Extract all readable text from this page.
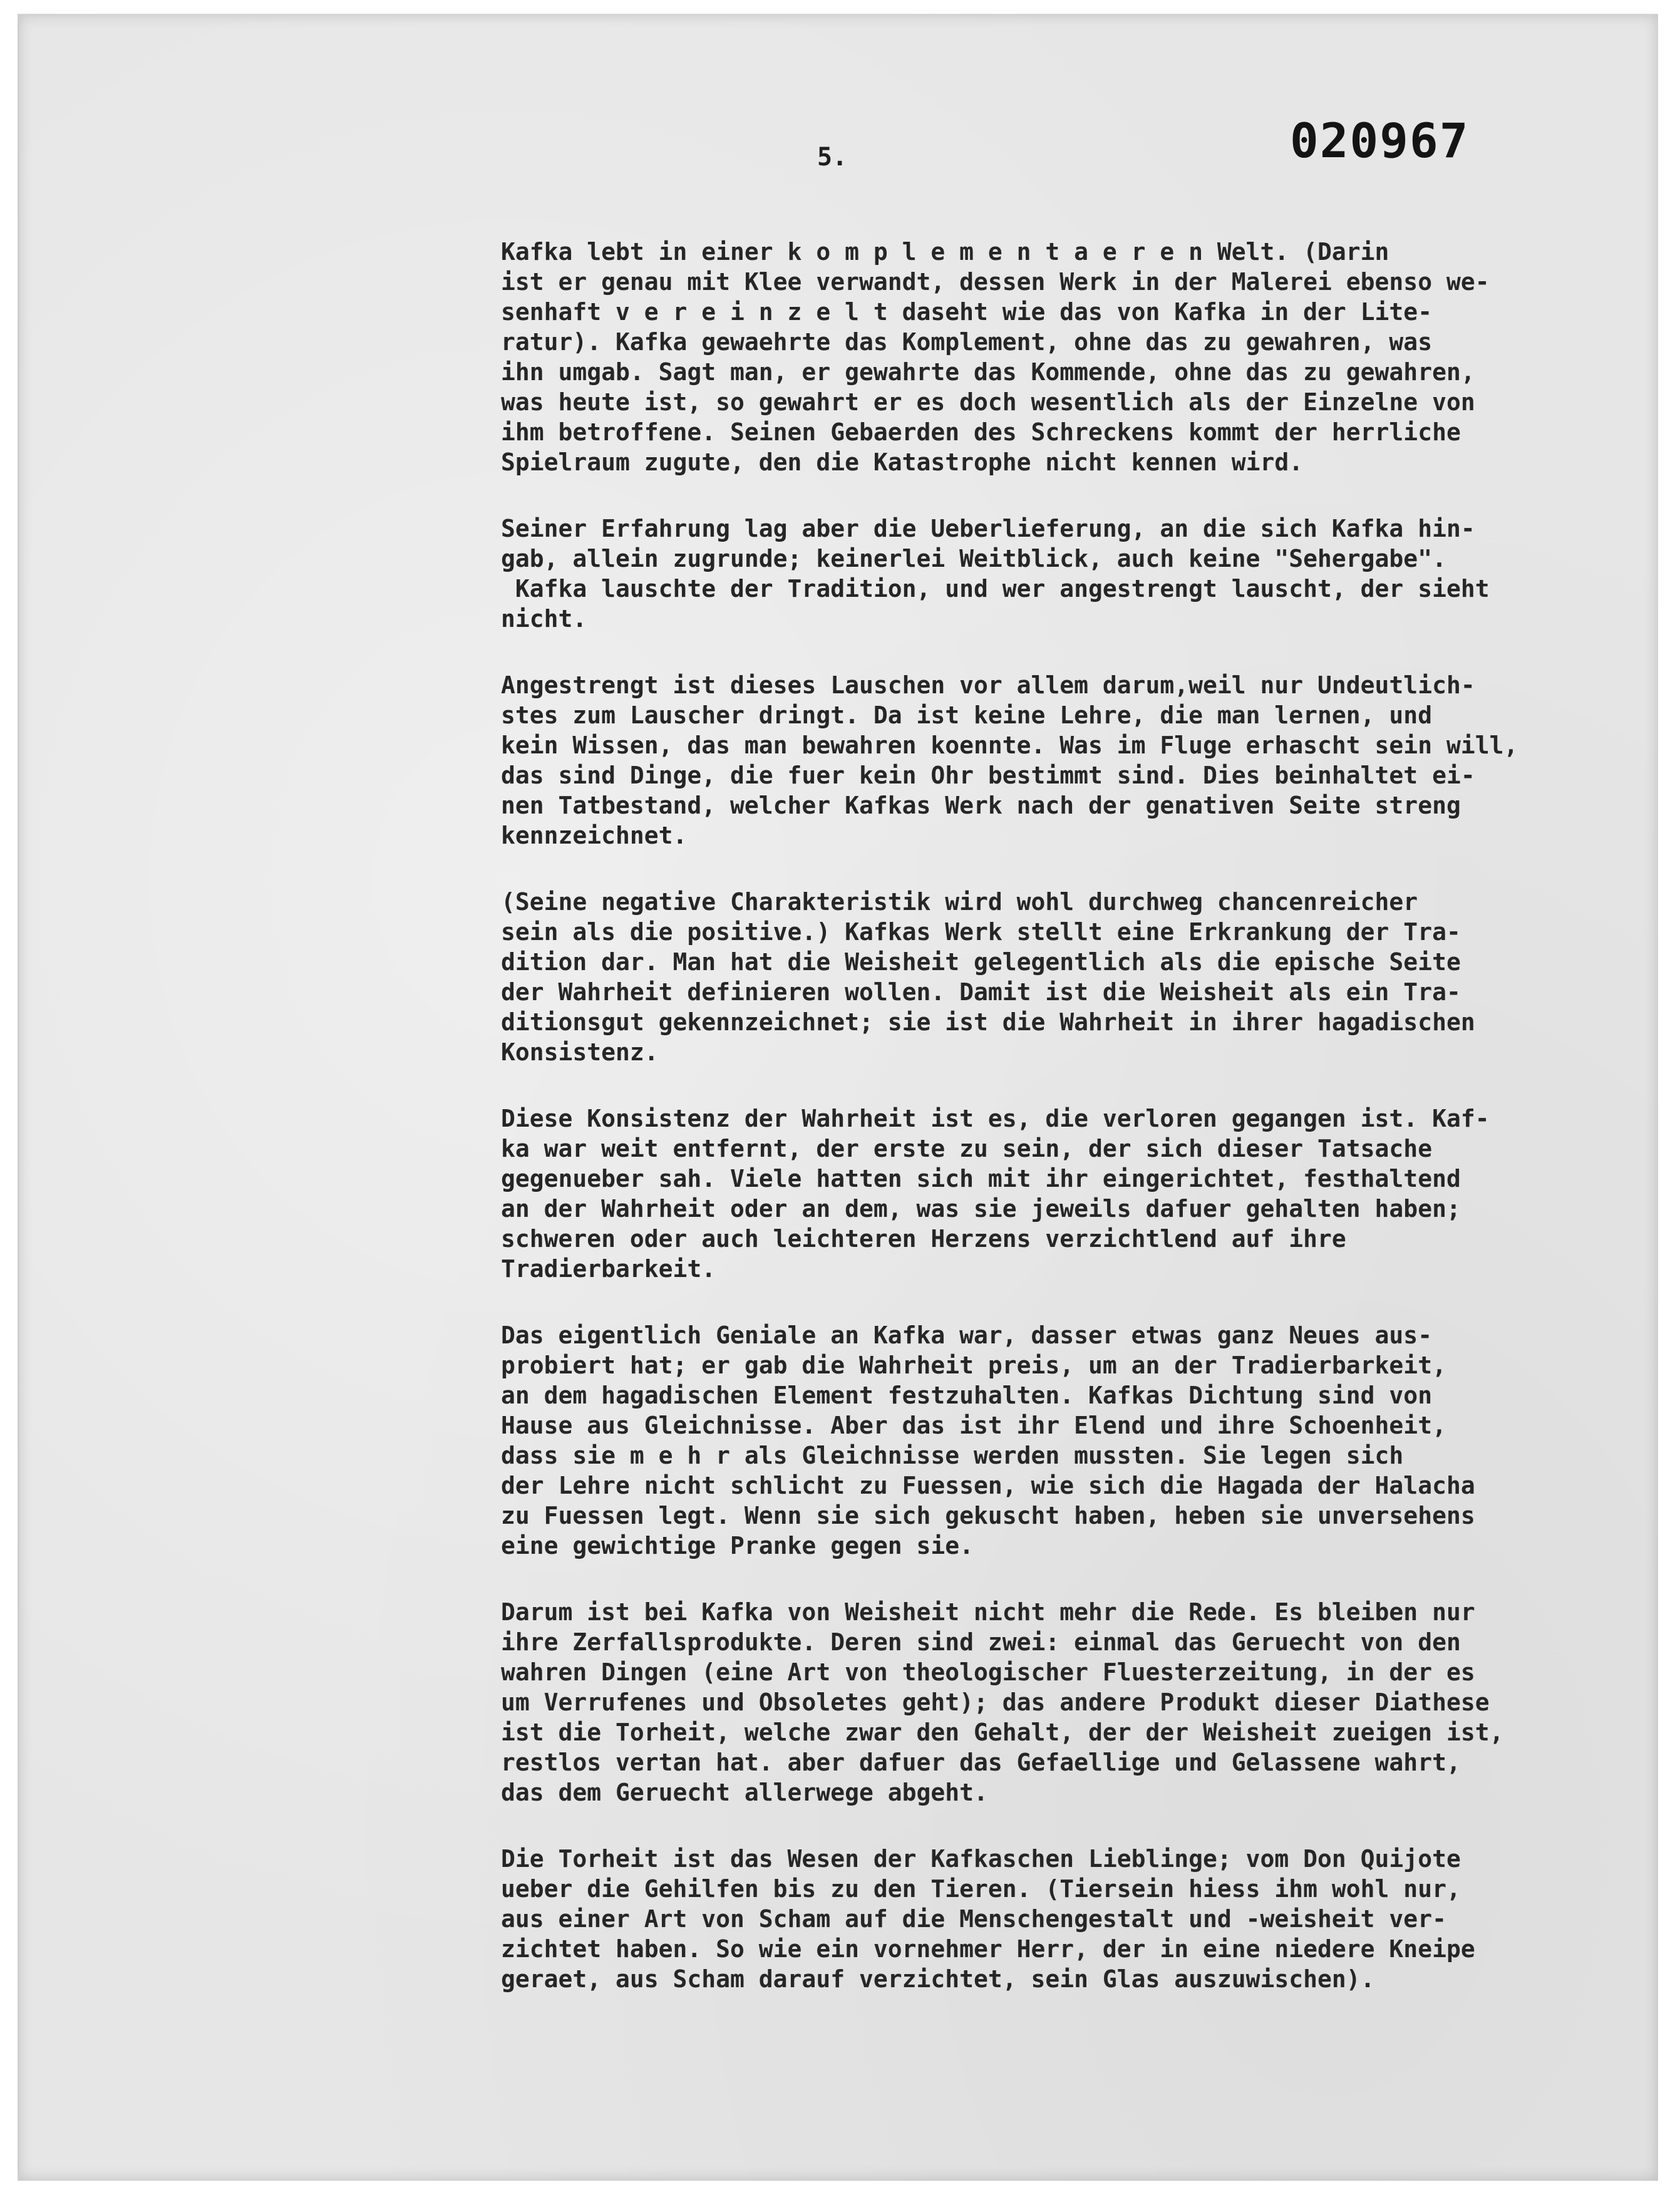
5.	020967
Kafka lebt in einer k o m p l e m e n t a e r e n Welt. (Darin
ist er genau mit Klee verwandt, dessen Werk in der Malerei ebenso we-
senhaft v e r e i n z e l t daseht wie das von Kafka in der Lite-
ratur). Kafka gewaehrte das Komplement, ohne das zu gewahren, was
ihn umgab. Sagt man, er gewahrte das Kommende, ohne das zu gewahren,
was heute ist, so gewahrt er es doch wesentlich als der Einzelne von
ihm betroffene. Seinen Gebaerden des Schreckens kommt der herrliche
Spielraum zugute, den die Katastrophe nicht kennen wird.
Seiner Erfahrung lag aber die Ueberlieferung, an die sich Kafka hin-
gab, allein zugrunde; keinerlei Weitblick, auch keine "Sehergabe".
Kafka lauschte der Tradition, und wer angestrengt lauscht, der sieht
nicht.
Angestrengt ist dieses Lauschen vor allem darum,weil nur Undeutlich-
stes zum Lauscher dringt. Da ist keine Lehre, die man lernen, und
kein Wissen, das man bewahren koennte. Was im Fluge erhascht sein will,
das sind Dinge, die fuer kein Ohr bestimmt sind. Dies beinhaltet ei-
nen Tatbestand, welcher Kafkas Werk nach der genativen Seite streng
kennzeichnet.
(Seine negative Charakteristik wird wohl durchweg chancenreicher
sein als die positive.) Kafkas Werk stellt eine Erkrankung der Tra-
dition dar. Man hat die Weisheit gelegentlich als die epische Seite
der Wahrheit definieren wollen. Damit ist die Weisheit als ein Tra-
ditionsgut gekennzeichnet; sie ist die Wahrheit in ihrer hagadischen
Konsistenz.
Diese Konsistenz der Wahrheit ist es, die verloren gegangen ist. Kaf-
ka war weit entfernt, der erste zu sein, der sich dieser Tatsache
gegenueber sah. Viele hatten sich mit ihr eingerichtet, festhaltend
an der Wahrheit oder an dem, was sie jeweils dafuer gehalten haben;
schweren oder auch leichteren Herzens verzichtlend auf ihre
Tradierbarkeit.
Das eigentlich Geniale an Kafka war, dasser etwas ganz Neues aus-
probiert hat; er gab die Wahrheit preis, um an der Tradierbarkeit,
an dem hagadischen Element festzuhalten. Kafkas Dichtung sind von
Hause aus Gleichnisse. Aber das ist ihr Elend und ihre Schoenheit,
dass sie m e h r als Gleichnisse werden mussten. Sie legen sich
der Lehre nicht schlicht zu Fuessen, wie sich die Hagada der Halacha
zu Fuessen legt. Wenn sie sich gekuscht haben, heben sie unversehens
eine gewichtige Pranke gegen sie.
Darum ist bei Kafka von Weisheit nicht mehr die Rede. Es bleiben nur
ihre Zerfallsprodukte. Deren sind zwei: einmal das Geruecht von den
wahren Dingen (eine Art von theologischer Fluesterzeitung, in der es
um Verrufenes und Obsoletes geht); das andere Produkt dieser Diathese
ist die Torheit, welche zwar den Gehalt, der der Weisheit zueigen ist,
restlos vertan hat. aber dafuer das Gefaellige und Gelassene wahrt,
das dem Geruecht allerwege abgeht.
Die Torheit ist das Wesen der Kafkaschen Lieblinge; vom Don Quijote
ueber die Gehilfen bis zu den Tieren. (Tiersein hiess ihm wohl nur,
aus einer Art von Scham auf die Menschengestalt und -weisheit ver-
zichtet haben. So wie ein vornehmer Herr, der in eine niedere Kneipe
geraet, aus Scham darauf verzichtet, sein Glas auszuwischen).
